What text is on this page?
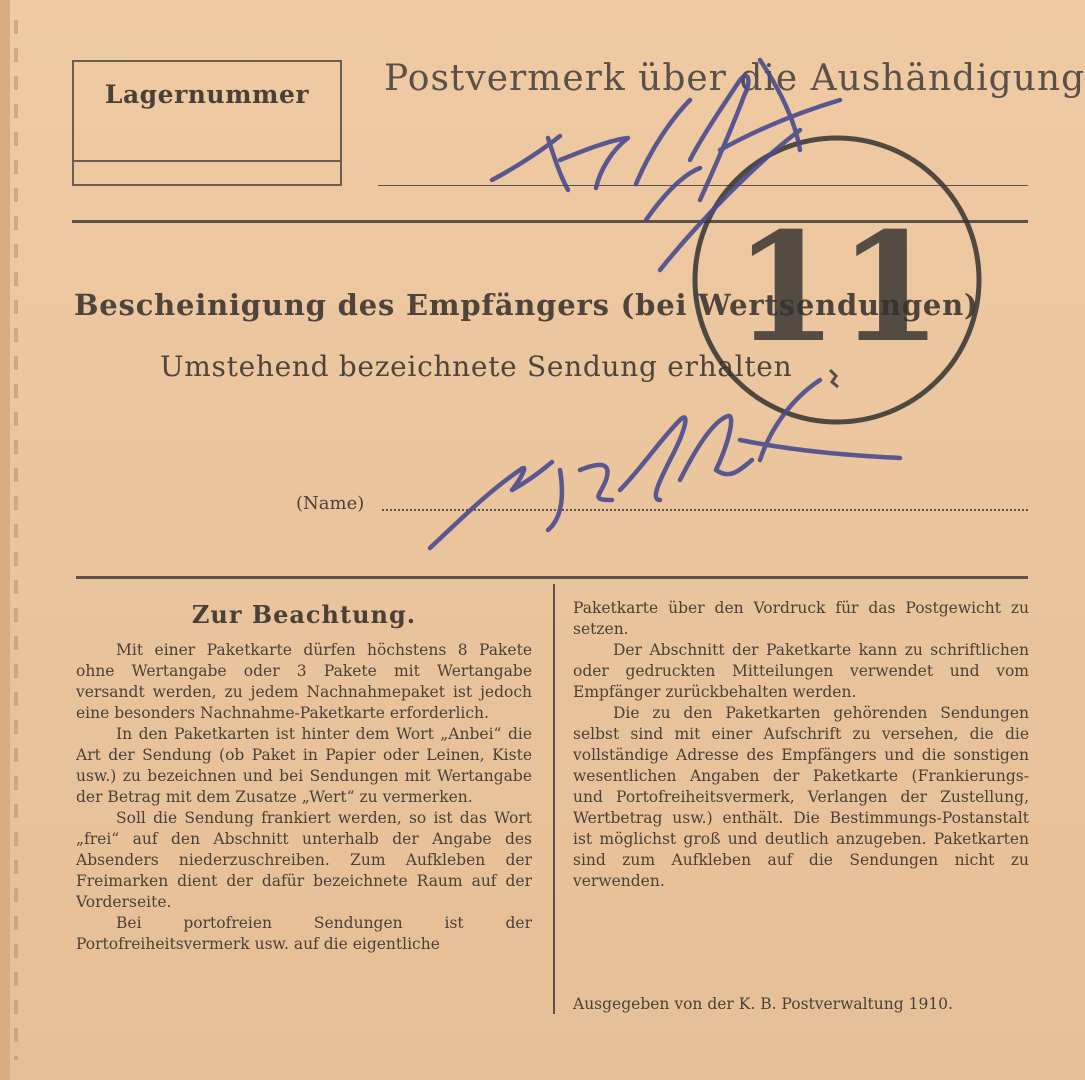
Lagernummer	Postvermerk über die Aushändigung
Bescheinigung des Empfängers (bei Wertsendungen)
Umstehend bezeichnete Sendung erhalten
(Name)
Zur Beachtung.

Mit einer Paketkarte dürfen höchstens 8 Pakete ohne Wertangabe oder 3 Pakete mit Wertangabe versandt werden, zu jedem Nachnahmepaket ist jedoch eine besonders Nachnahme-Paketkarte erforderlich.

In den Paketkarten ist hinter dem Wort „Anbei“ die Art der Sendung (ob Paket in Papier oder Leinen, Kiste usw.) zu bezeichnen und bei Sendungen mit Wertangabe der Betrag mit dem Zusatze „Wert“ zu vermerken.

Soll die Sendung frankiert werden, so ist das Wort „frei“ auf den Abschnitt unterhalb der Angabe des Absenders niederzuschreiben. Zum Aufkleben der Freimarken dient der dafür bezeichnete Raum auf der Vorderseite.

Bei portofreien Sendungen ist der Portofreiheitsvermerk usw. auf die eigentliche

Paketkarte über den Vordruck für das Postgewicht zu setzen.

Der Abschnitt der Paketkarte kann zu schriftlichen oder gedruckten Mitteilungen verwendet und vom Empfänger zurückbehalten werden.

Die zu den Paketkarten gehörenden Sendungen selbst sind mit einer Aufschrift zu versehen, die die vollständige Adresse des Empfängers und die sonstigen wesentlichen Angaben der Paketkarte (Frankierungs- und Portofreiheitsvermerk, Verlangen der Zustellung, Wertbetrag usw.) enthält. Die Bestimmungs-Postanstalt ist möglichst groß und deutlich anzugeben. Paketkarten sind zum Aufkleben auf die Sendungen nicht zu verwenden.

Ausgegeben von der K. B. Postverwaltung 1910.
11
